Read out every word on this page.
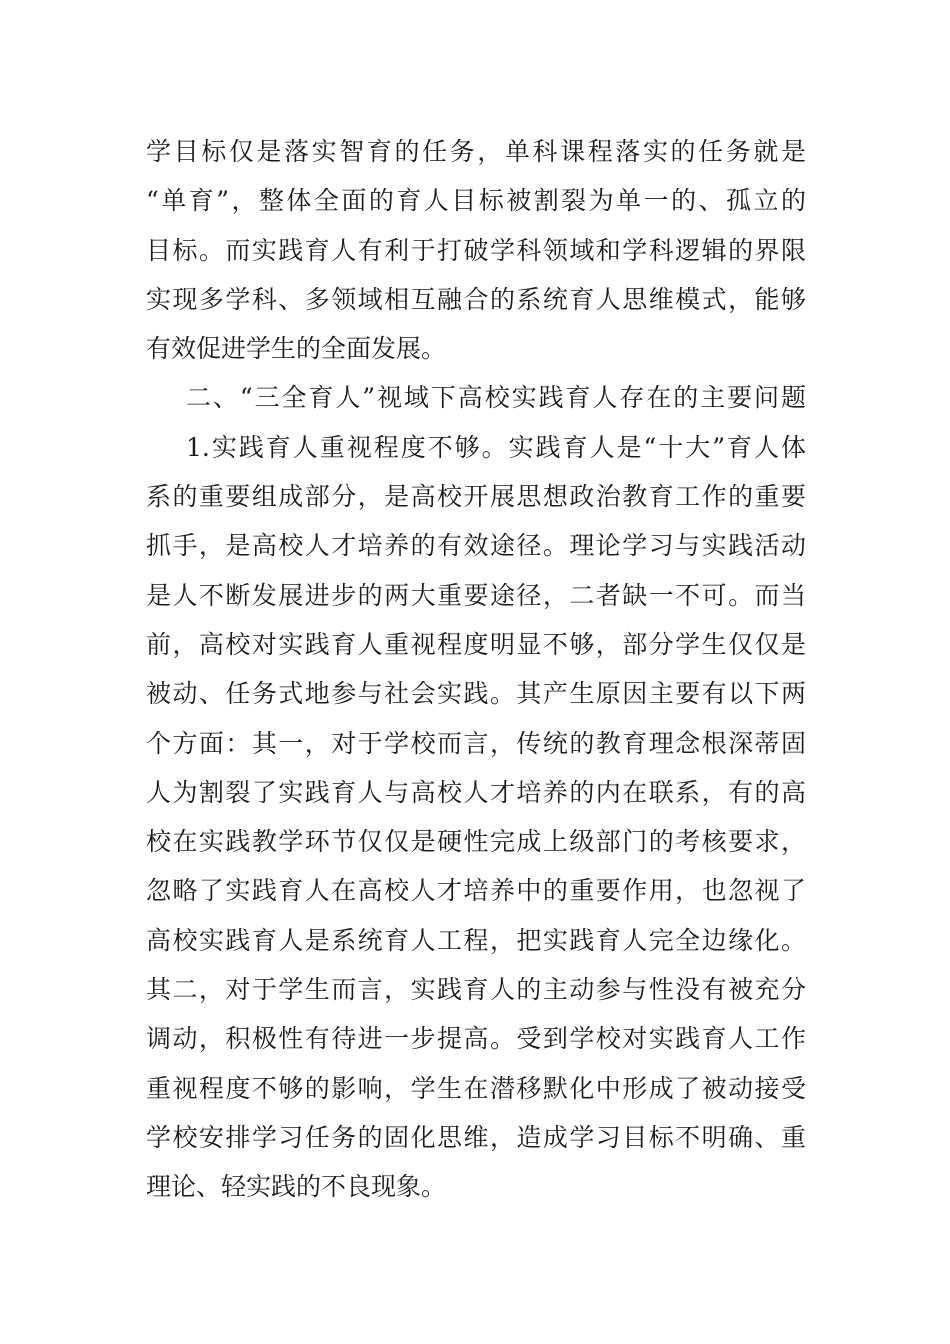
学目标仅是落实智育的任务，单科课程落实的任务就是
“单育”，整体全面的育人目标被割裂为单一的、孤立的
目标。而实践育人有利于打破学科领域和学科逻辑的界限
实现多学科、多领域相互融合的系统育人思维模式，能够
有效促进学生的全面发展。
二、“三全育人”视域下高校实践育人存在的主要问题
1.实践育人重视程度不够。实践育人是“十大”育人体
系的重要组成部分，是高校开展思想政治教育工作的重要
抓手，是高校人才培养的有效途径。理论学习与实践活动
是人不断发展进步的两大重要途径，二者缺一不可。而当
前，高校对实践育人重视程度明显不够，部分学生仅仅是
被动、任务式地参与社会实践。其产生原因主要有以下两
个方面：其一，对于学校而言，传统的教育理念根深蒂固
人为割裂了实践育人与高校人才培养的内在联系，有的高
校在实践教学环节仅仅是硬性完成上级部门的考核要求，
忽略了实践育人在高校人才培养中的重要作用，也忽视了
高校实践育人是系统育人工程，把实践育人完全边缘化。
其二，对于学生而言，实践育人的主动参与性没有被充分
调动，积极性有待进一步提高。受到学校对实践育人工作
重视程度不够的影响，学生在潜移默化中形成了被动接受
学校安排学习任务的固化思维，造成学习目标不明确、重
理论、轻实践的不良现象。
